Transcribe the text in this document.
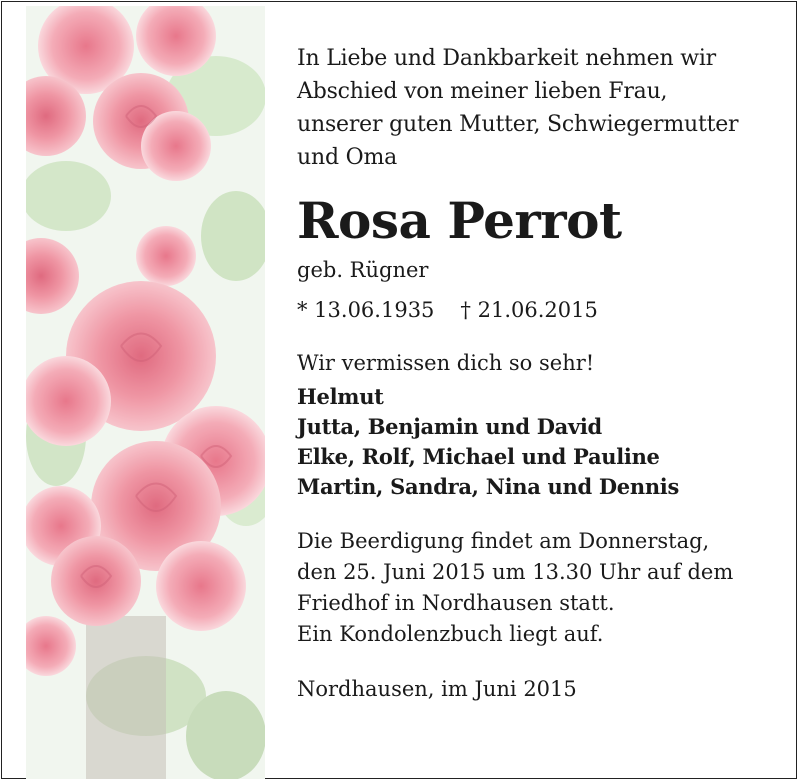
In Liebe und Dankbarkeit nehmen wir
Abschied von meiner lieben Frau,
unserer guten Mutter, Schwiegermutter
und Oma

Rosa Perrot

geb. Rügner

* 13.06.1935 † 21.06.2015

Wir vermissen dich so sehr!

Helmut
Jutta, Benjamin und David
Elke, Rolf, Michael und Pauline
Martin, Sandra, Nina und Dennis

Die Beerdigung findet am Donnerstag,
den 25. Juni 2015 um 13.30 Uhr auf dem
Friedhof in Nordhausen statt.
Ein Kondolenzbuch liegt auf.

Nordhausen, im Juni 2015
